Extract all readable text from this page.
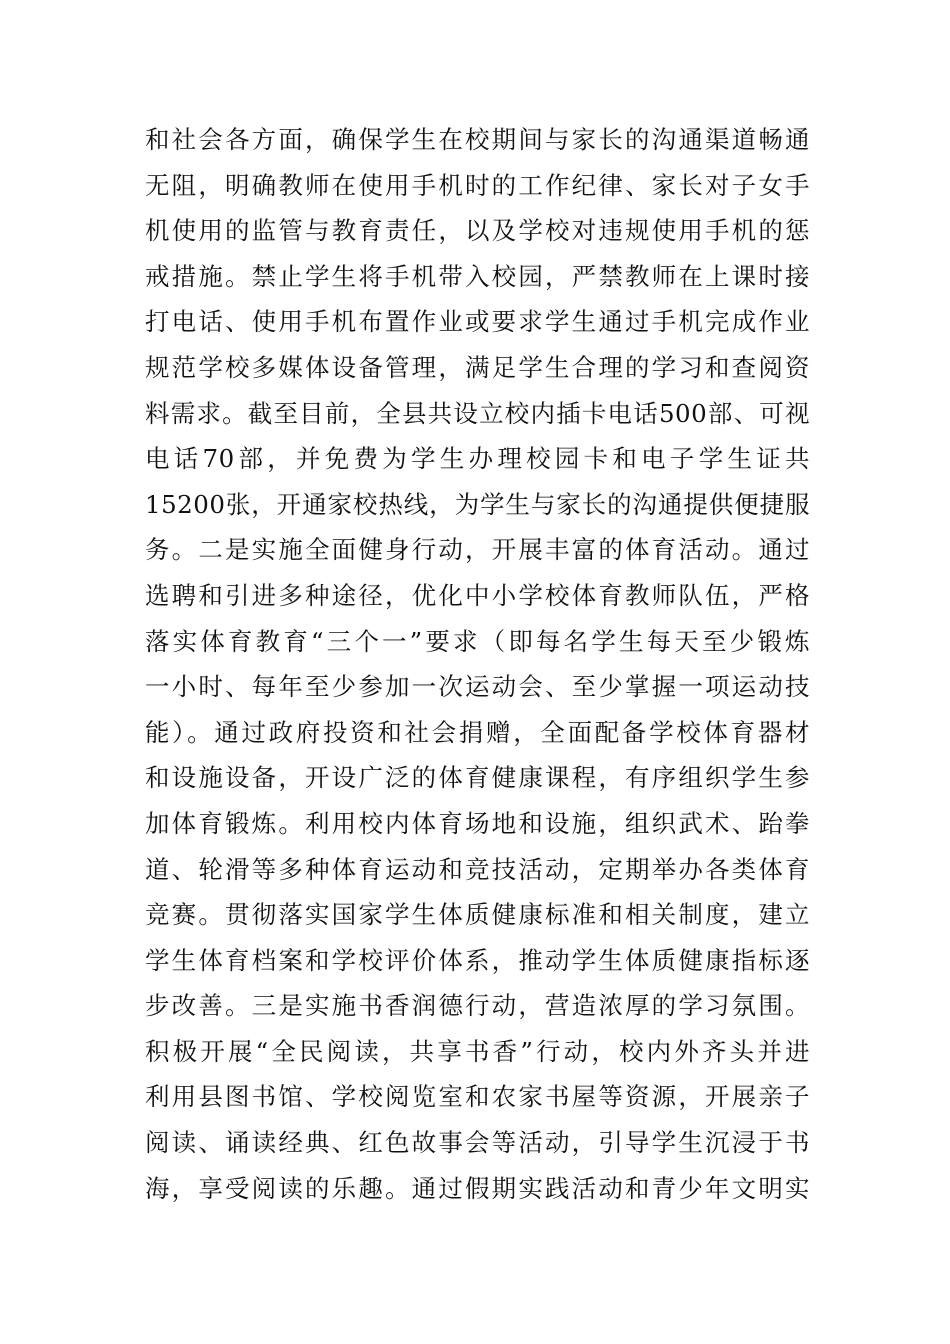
和社会各方面，确保学生在校期间与家长的沟通渠道畅通
无阻，明确教师在使用手机时的工作纪律、家长对子女手
机使用的监管与教育责任，以及学校对违规使用手机的惩
戒措施。禁止学生将手机带入校园，严禁教师在上课时接
打电话、使用手机布置作业或要求学生通过手机完成作业
规范学校多媒体设备管理，满足学生合理的学习和查阅资
料需求。截至目前，全县共设立校内插卡电话500部、可视
电话70部，并免费为学生办理校园卡和电子学生证共
15200张，开通家校热线，为学生与家长的沟通提供便捷服
务。二是实施全面健身行动，开展丰富的体育活动。通过
选聘和引进多种途径，优化中小学校体育教师队伍，严格
落实体育教育“三个一”要求（即每名学生每天至少锻炼
一小时、每年至少参加一次运动会、至少掌握一项运动技
能）。通过政府投资和社会捐赠，全面配备学校体育器材
和设施设备，开设广泛的体育健康课程，有序组织学生参
加体育锻炼。利用校内体育场地和设施，组织武术、跆拳
道、轮滑等多种体育运动和竞技活动，定期举办各类体育
竞赛。贯彻落实国家学生体质健康标准和相关制度，建立
学生体育档案和学校评价体系，推动学生体质健康指标逐
步改善。三是实施书香润德行动，营造浓厚的学习氛围。
积极开展“全民阅读，共享书香”行动，校内外齐头并进
利用县图书馆、学校阅览室和农家书屋等资源，开展亲子
阅读、诵读经典、红色故事会等活动，引导学生沉浸于书
海，享受阅读的乐趣。通过假期实践活动和青少年文明实
